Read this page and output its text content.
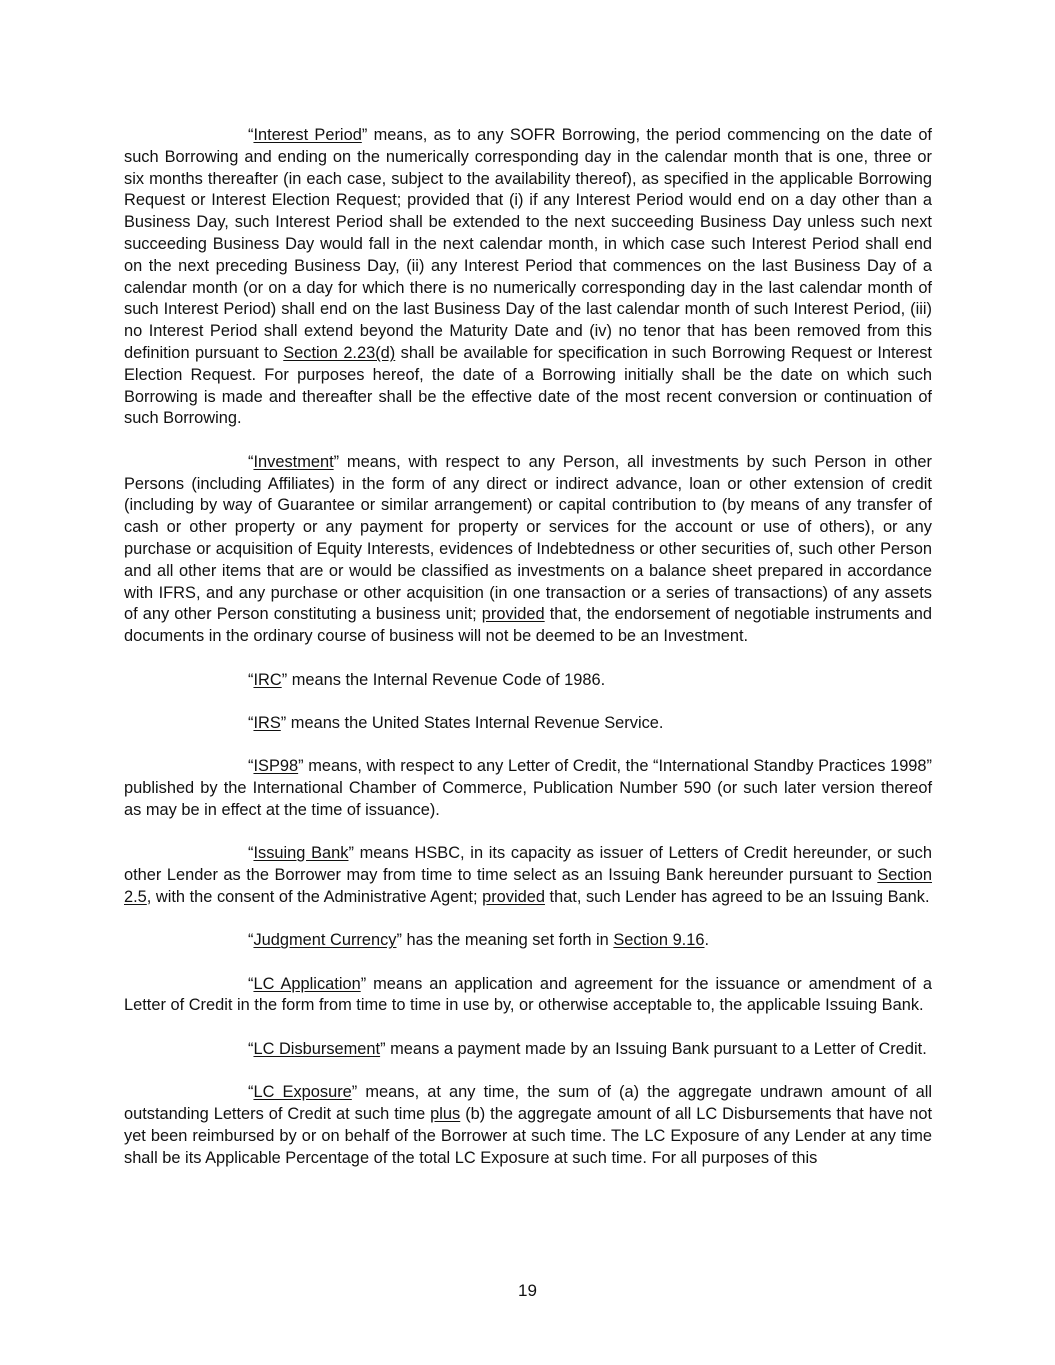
“Interest Period” means, as to any SOFR Borrowing, the period commencing on the date of such Borrowing and ending on the numerically corresponding day in the calendar month that is one, three or six months thereafter (in each case, subject to the availability thereof), as specified in the applicable Borrowing Request or Interest Election Request; provided that (i) if any Interest Period would end on a day other than a Business Day, such Interest Period shall be extended to the next succeeding Business Day unless such next succeeding Business Day would fall in the next calendar month, in which case such Interest Period shall end on the next preceding Business Day, (ii) any Interest Period that commences on the last Business Day of a calendar month (or on a day for which there is no numerically corresponding day in the last calendar month of such Interest Period) shall end on the last Business Day of the last calendar month of such Interest Period, (iii) no Interest Period shall extend beyond the Maturity Date and (iv) no tenor that has been removed from this definition pursuant to Section 2.23(d) shall be available for specification in such Borrowing Request or Interest Election Request. For purposes hereof, the date of a Borrowing initially shall be the date on which such Borrowing is made and thereafter shall be the effective date of the most recent conversion or continuation of such Borrowing.

“Investment” means, with respect to any Person, all investments by such Person in other Persons (including Affiliates) in the form of any direct or indirect advance, loan or other extension of credit (including by way of Guarantee or similar arrangement) or capital contribution to (by means of any transfer of cash or other property or any payment for property or services for the account or use of others), or any purchase or acquisition of Equity Interests, evidences of Indebtedness or other securities of, such other Person and all other items that are or would be classified as investments on a balance sheet prepared in accordance with IFRS, and any purchase or other acquisition (in one transaction or a series of transactions) of any assets of any other Person constituting a business unit; provided that, the endorsement of negotiable instruments and documents in the ordinary course of business will not be deemed to be an Investment.

“IRC” means the Internal Revenue Code of 1986.

“IRS” means the United States Internal Revenue Service.

“ISP98” means, with respect to any Letter of Credit, the “International Standby Practices 1998” published by the International Chamber of Commerce, Publication Number 590 (or such later version thereof as may be in effect at the time of issuance).

“Issuing Bank” means HSBC, in its capacity as issuer of Letters of Credit hereunder, or such other Lender as the Borrower may from time to time select as an Issuing Bank hereunder pursuant to Section 2.5, with the consent of the Administrative Agent; provided that, such Lender has agreed to be an Issuing Bank.

“Judgment Currency” has the meaning set forth in Section 9.16.

“LC Application” means an application and agreement for the issuance or amendment of a Letter of Credit in the form from time to time in use by, or otherwise acceptable to, the applicable Issuing Bank.

“LC Disbursement” means a payment made by an Issuing Bank pursuant to a Letter of Credit.

“LC Exposure” means, at any time, the sum of (a) the aggregate undrawn amount of all outstanding Letters of Credit at such time plus (b) the aggregate amount of all LC Disbursements that have not yet been reimbursed by or on behalf of the Borrower at such time. The LC Exposure of any Lender at any time shall be its Applicable Percentage of the total LC Exposure at such time. For all purposes of this

19
